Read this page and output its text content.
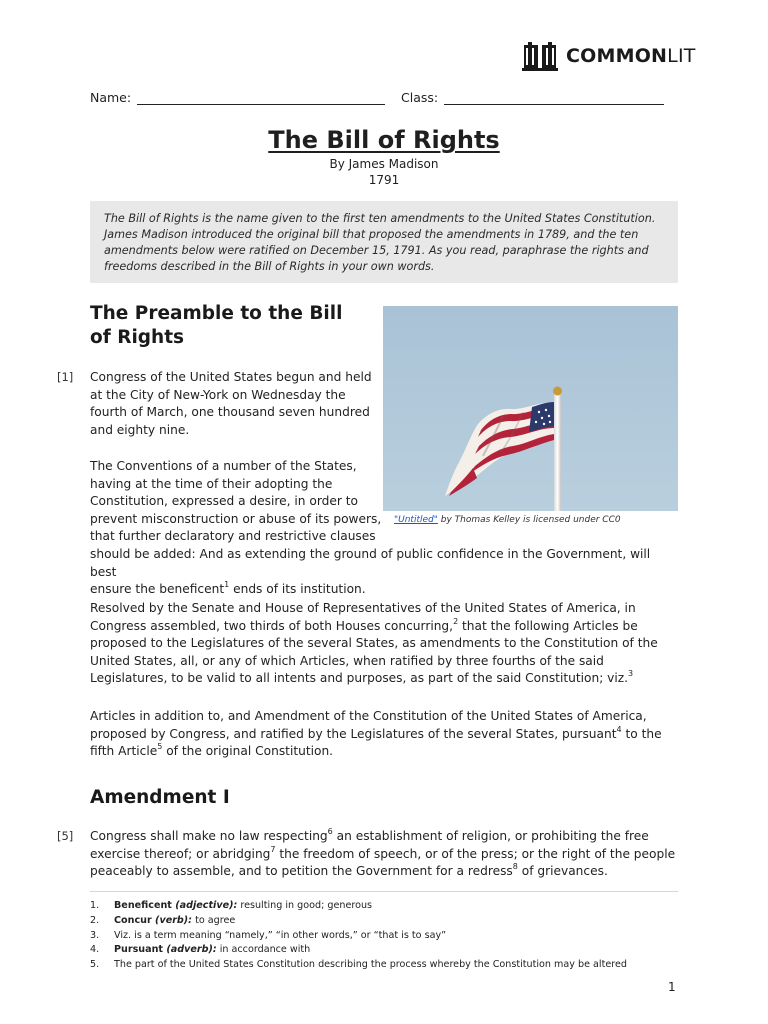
COMMONLIT
Name:	Class:
The Bill of Rights
By James Madison
1791
The Bill of Rights is the name given to the first ten amendments to the United States Constitution. James Madison introduced the original bill that proposed the amendments in 1789, and the ten amendments below were ratified on December 15, 1791. As you read, paraphrase the rights and freedoms described in the Bill of Rights in your own words.
The Preamble to the Bill of Rights
"Untitled" by Thomas Kelley is licensed under CC0
[1] Congress of the United States begun and held at the City of New-York on Wednesday the fourth of March, one thousand seven hundred and eighty nine.
The Conventions of a number of the States,
having at the time of their adopting the
Constitution, expressed a desire, in order to
prevent misconstruction or abuse of its powers,
that further declaratory and restrictive clauses
should be added: And as extending the ground of public confidence in the Government, will best
ensure the beneficent$^1$ ends of its institution.
Resolved by the Senate and House of Representatives of the United States of America, in Congress assembled, two thirds of both Houses concurring,$^2$ that the following Articles be proposed to the Legislatures of the several States, as amendments to the Constitution of the United States, all, or any of which Articles, when ratified by three fourths of the said Legislatures, to be valid to all intents and purposes, as part of the said Constitution; viz.$^3$
Articles in addition to, and Amendment of the Constitution of the United States of America, proposed by Congress, and ratified by the Legislatures of the several States, pursuant$^4$ to the fifth Article$^5$ of the original Constitution.
Amendment I
[5] Congress shall make no law respecting$^6$ an establishment of religion, or prohibiting the free exercise thereof; or abridging$^7$ the freedom of speech, or of the press; or the right of the people peaceably to assemble, and to petition the Government for a redress$^8$ of grievances.
1.	Beneficent (adjective): resulting in good; generous
2.	Concur (verb): to agree
3.	Viz. is a term meaning “namely,” “in other words,” or “that is to say”
4.	Pursuant (adverb): in accordance with
5.	The part of the United States Constitution describing the process whereby the Constitution may be altered
1
